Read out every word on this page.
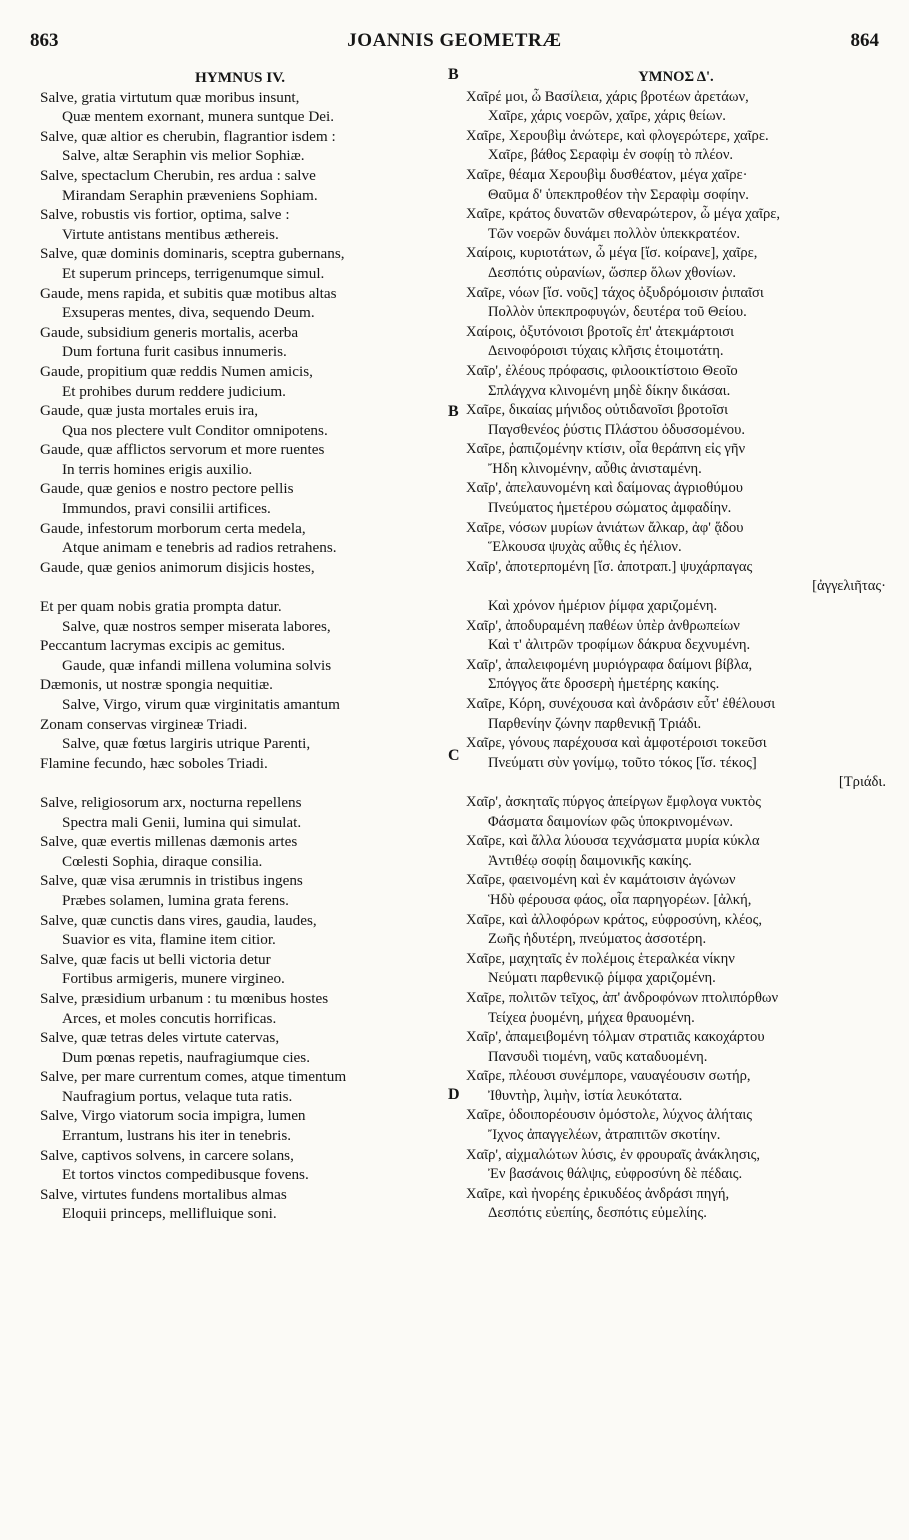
863	JOANNIS GEOMETRÆ	864
B
B
C
D
HYMNUS IV.
Salve, gratia virtutum quæ moribus insunt,
Quæ mentem exornant, munera suntque Dei.
Salve, quæ altior es cherubin, flagrantior isdem :
Salve, altæ Seraphin vis melior Sophiæ.
Salve, spectaclum Cherubin, res ardua : salve
Mirandam Seraphin præveniens Sophiam.
Salve, robustis vis fortior, optima, salve :
Virtute antistans mentibus æthereis.
Salve, quæ dominis dominaris, sceptra gubernans,
Et superum princeps, terrigenumque simul.
Gaude, mens rapida, et subitis quæ motibus altas
Exsuperas mentes, diva, sequendo Deum.
Gaude, subsidium generis mortalis, acerba
Dum fortuna furit casibus innumeris.
Gaude, propitium quæ reddis Numen amicis,
Et prohibes durum reddere judicium.
Gaude, quæ justa mortales eruis ira,
Qua nos plectere vult Conditor omnipotens.
Gaude, quæ afflictos servorum et more ruentes
In terris homines erigis auxilio.
Gaude, quæ genios e nostro pectore pellis
Immundos, pravi consilii artifices.
Gaude, infestorum morborum certa medela,
Atque animam e tenebris ad radios retrahens.
Gaude, quæ genios animorum disjicis hostes,
Et per quam nobis gratia prompta datur.
Salve, quæ nostros semper miserata labores,
Peccantum lacrymas excipis ac gemitus.
Gaude, quæ infandi millena volumina solvis
Dæmonis, ut nostræ spongia nequitiæ.
Salve, Virgo, virum quæ virginitatis amantum
Zonam conservas virgineæ Triadi.
Salve, quæ fœtus largiris utrique Parenti,
Flamine fecundo, hæc soboles Triadi.
Salve, religiosorum arx, nocturna repellens
Spectra mali Genii, lumina qui simulat.
Salve, quæ evertis millenas dæmonis artes
Cœlesti Sophia, diraque consilia.
Salve, quæ visa ærumnis in tristibus ingens
Præbes solamen, lumina grata ferens.
Salve, quæ cunctis dans vires, gaudia, laudes,
Suavior es vita, flamine item citior.
Salve, quæ facis ut belli victoria detur
Fortibus armigeris, munere virgineo.
Salve, præsidium urbanum : tu mœnibus hostes
Arces, et moles concutis horrificas.
Salve, quæ tetras deles virtute catervas,
Dum pœnas repetis, naufragiumque cies.
Salve, per mare currentum comes, atque timentum
Naufragium portus, velaque tuta ratis.
Salve, Virgo viatorum socia impigra, lumen
Errantum, lustrans his iter in tenebris.
Salve, captivos solvens, in carcere solans,
Et tortos vinctos compedibusque fovens.
Salve, virtutes fundens mortalibus almas
Eloquii princeps, mellifluique soni.
ΥΜΝΟΣ Δ'.
Χαῖρέ μοι, ὦ Βασίλεια, χάρις βροτέων ἀρετάων,
Χαῖρε, χάρις νοερῶν, χαῖρε, χάρις θείων.
Χαῖρε, Χερουβὶμ ἀνώτερε, καὶ φλογερώτερε, χαῖρε.
Χαῖρε, βάθος Σεραφὶμ ἐν σοφίῃ τὸ πλέον.
Χαῖρε, θέαμα Χερουβὶμ δυσθέατον, μέγα χαῖρε·
Θαῦμα δ' ὑπεκπροθέον τὴν Σεραφὶμ σοφίην.
Χαῖρε, κράτος δυνατῶν σθεναρώτερον, ὦ μέγα χαῖρε,
Τῶν νοερῶν δυνάμει πολλὸν ὑπεκκρατέον.
Χαίροις, κυριοτάτων, ὦ μέγα [ἴσ. κοίρανε], χαῖρε,
Δεσπότις οὐρανίων, ὥσπερ ὅλων χθονίων.
Χαῖρε, νόων [ἴσ. νοῦς] τάχος ὀξυδρόμοισιν ῥιπαῖσι
Πολλὸν ὑπεκπροφυγών, δευτέρα τοῦ Θείου.
Χαίροις, ὀξυτόνοισι βροτοῖς ἐπ' ἀτεκμάρτοισι
Δεινοφόροισι τύχαις κλῆσις ἑτοιμοτάτη.
Χαῖρ', ἐλέους πρόφασις, φιλοοικτίστοιο Θεοῖο
Σπλάγχνα κλινομένη μηδὲ δίκην δικάσαι.
Χαῖρε, δικαίας μήνιδος οὐτιδανοῖσι βροτοῖσι
Παγσθενέος ῥύστις Πλάστου ὀδυσσομένου.
Χαῖρε, ῥαπιζομένην κτίσιν, οἷα θεράπνη εἰς γῆν
Ἤδη κλινομένην, αὖθις ἀνισταμένη.
Χαῖρ', ἀπελαυνομένη καὶ δαίμονας ἀγριοθύμου
Πνεύματος ἡμετέρου σώματος ἀμφαδίην.
Χαῖρε, νόσων μυρίων ἀνιάτων ἄλκαρ, ἀφ' ᾅδου
Ἕλκουσα ψυχὰς αὖθις ἐς ἠέλιον.
Χαῖρ', ἀποτερπομένη [ἴσ. ἀποτραπ.] ψυχάρπαγας
[ἀγγελιῆτας·
Καὶ χρόνον ἡμέριον ῥίμφα χαριζομένη.
Χαῖρ', ἀποδυραμένη παθέων ὑπὲρ ἀνθρωπείων
Καὶ τ' ἀλιτρῶν τροφίμων δάκρυα δεχνυμένη.
Χαῖρ', ἀπαλειφομένη μυριόγραφα δαίμονι βίβλα,
Σπόγγος ἅτε δροσερὴ ἡμετέρης κακίης.
Χαῖρε, Κόρη, συνέχουσα καὶ ἀνδράσιν εὖτ' ἐθέλουσι
Παρθενίην ζώνην παρθενικῇ Τριάδι.
Χαῖρε, γόνους παρέχουσα καὶ ἀμφοτέροισι τοκεῦσι
Πνεύματι σὺν γονίμῳ, τοῦτο τόκος [ἴσ. τέκος]
[Τριάδι.
Χαῖρ', ἀσκηταῖς πύργος ἀπείργων ἔμφλογα νυκτὸς
Φάσματα δαιμονίων φῶς ὑποκρινομένων.
Χαῖρε, καὶ ἄλλα λύουσα τεχνάσματα μυρία κύκλα
Ἀντιθέῳ σοφίῃ δαιμονικῆς κακίης.
Χαῖρε, φαεινομένη καὶ ἐν καμάτοισιν ἀγώνων
Ἡδὺ φέρουσα φάος, οἷα παρηγορέων. [ἀλκή,
Χαῖρε, καὶ ἀλλοφόρων κράτος, εὐφροσύνη, κλέος,
Ζωῆς ἡδυτέρη, πνεύματος ἀσσοτέρη.
Χαῖρε, μαχηταῖς ἐν πολέμοις ἑτεραλκέα νίκην
Νεύματι παρθενικῷ ῥίμφα χαριζομένη.
Χαῖρε, πολιτῶν τεῖχος, ἀπ' ἀνδροφόνων πτολιπόρθων
Τείχεα ῥυομένη, μήχεα θραυομένη.
Χαῖρ', ἀπαμειβομένη τόλμαν στρατιᾶς κακοχάρτου
Πανσυδὶ τιομένη, ναῦς καταδυομένη.
Χαῖρε, πλέουσι συνέμπορε, ναυαγέουσιν σωτήρ,
Ἰθυντὴρ, λιμὴν, ἱστία λευκότατα.
Χαῖρε, ὁδοιπορέουσιν ὁμόστολε, λύχνος ἀλήταις
Ἴχνος ἀπαγγελέων, ἀτραπιτῶν σκοτίην.
Χαῖρ', αἰχμαλώτων λύσις, ἐν φρουραῖς ἀνάκλησις,
Ἐν βασάνοις θάλψις, εὐφροσύνη δὲ πέδαις.
Χαῖρε, καὶ ἠνορέης ἐρικυδέος ἀνδράσι πηγή,
Δεσπότις εὐεπίης, δεσπότις εὐμελίης.
